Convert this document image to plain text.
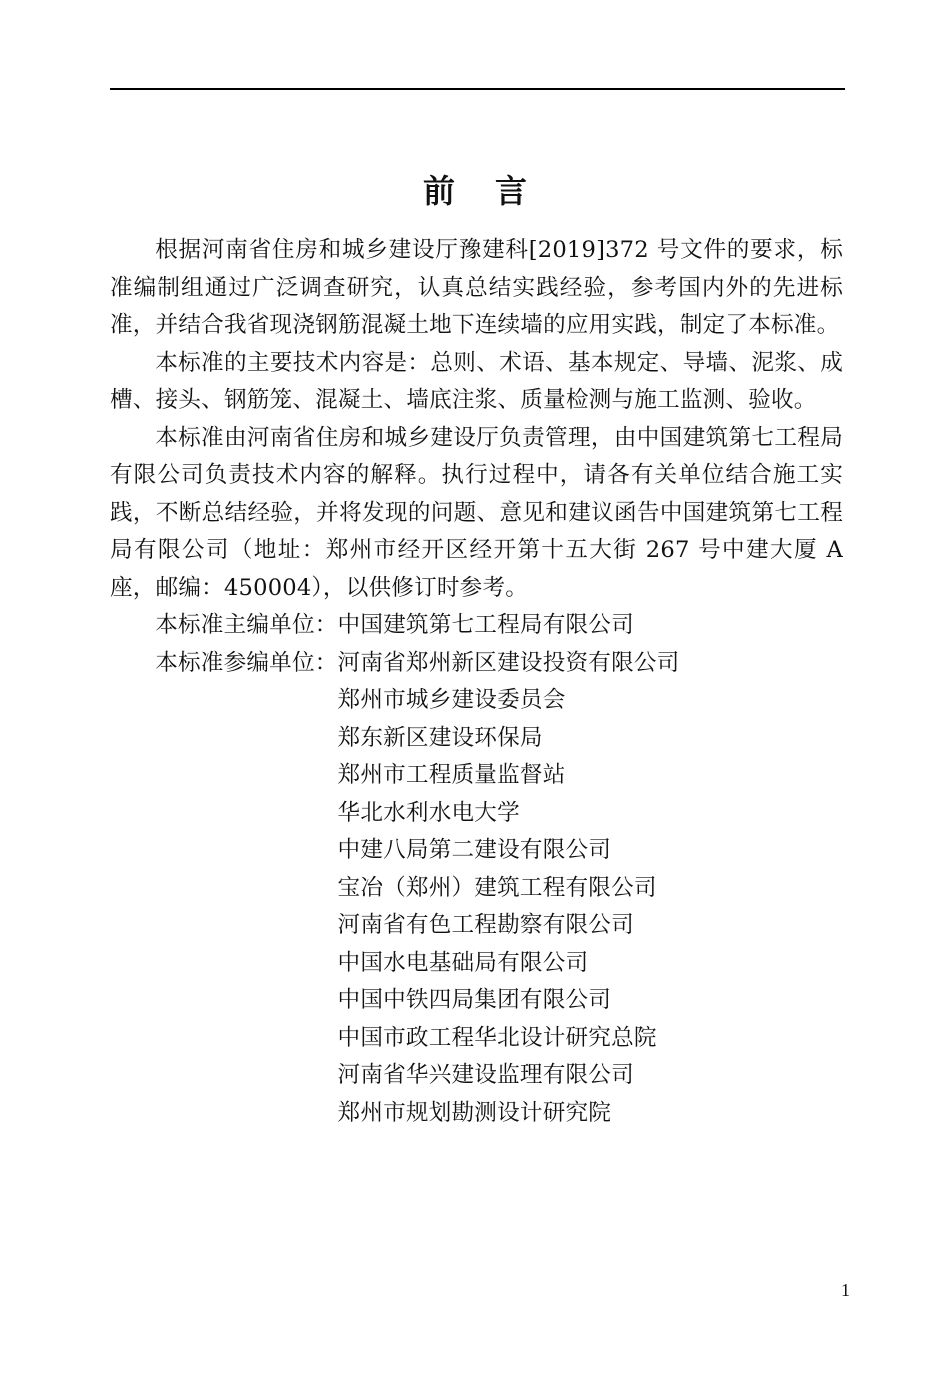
前言

根据河南省住房和城乡建设厅豫建科[2019]372 号文件的要求，标准编制组通过广泛调查研究，认真总结实践经验，参考国内外的先进标准，并结合我省现浇钢筋混凝土地下连续墙的应用实践，制定了本标准。

本标准的主要技术内容是：总则、术语、基本规定、导墙、泥浆、成槽、接头、钢筋笼、混凝土、墙底注浆、质量检测与施工监测、验收。

本标准由河南省住房和城乡建设厅负责管理，由中国建筑第七工程局有限公司负责技术内容的解释。执行过程中，请各有关单位结合施工实践，不断总结经验，并将发现的问题、意见和建议函告中国建筑第七工程局有限公司（地址：郑州市经开区经开第十五大街 267 号中建大厦 A 座，邮编：450004），以供修订时参考。

本标准主编单位： 中国建筑第七工程局有限公司
本标准参编单位： 河南省郑州新区建设投资有限公司
郑州市城乡建设委员会
郑东新区建设环保局
郑州市工程质量监督站
华北水利水电大学
中建八局第二建设有限公司
宝冶（郑州）建筑工程有限公司
河南省有色工程勘察有限公司
中国水电基础局有限公司
中国中铁四局集团有限公司
中国市政工程华北设计研究总院
河南省华兴建设监理有限公司
郑州市规划勘测设计研究院
1
